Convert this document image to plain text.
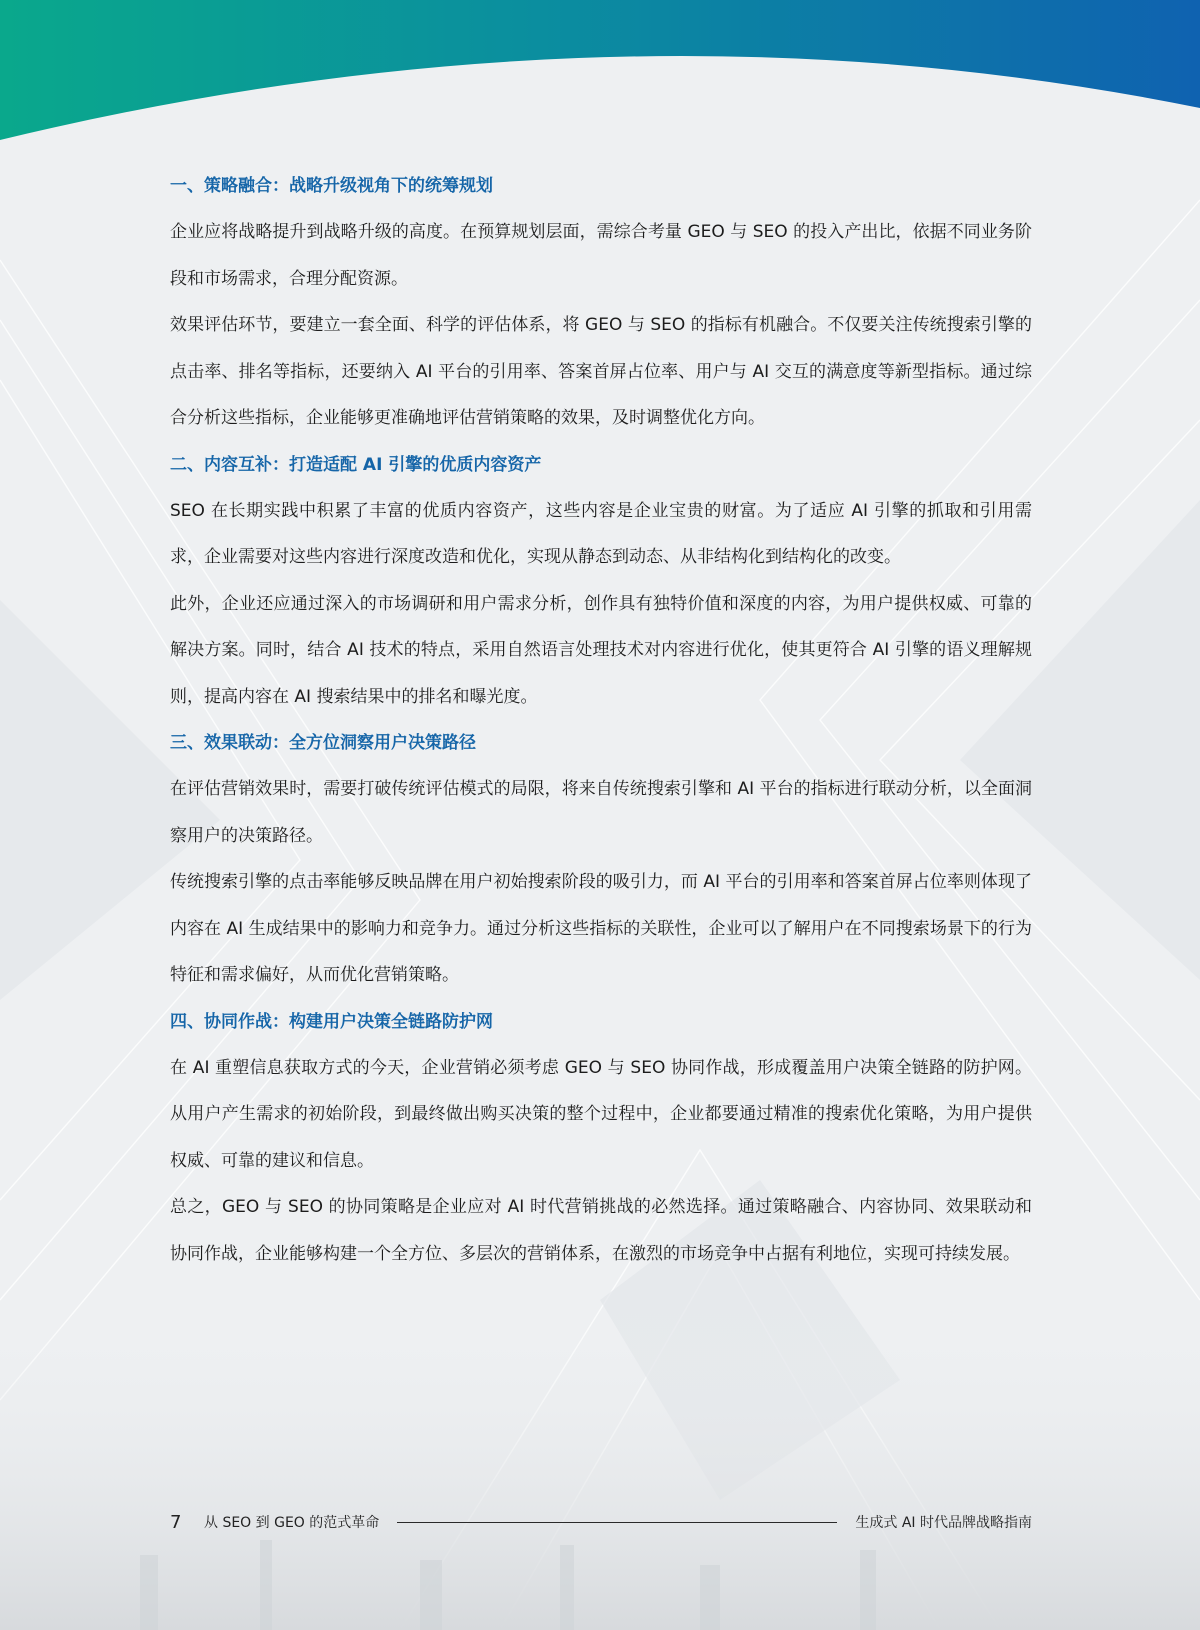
一、策略融合：战略升级视角下的统筹规划

企业应将战略提升到战略升级的高度。在预算规划层面，需综合考量 GEO 与 SEO 的投入产出比，依据不同业务阶段和市场需求，合理分配资源。

效果评估环节，要建立一套全面、科学的评估体系，将 GEO 与 SEO 的指标有机融合。不仅要关注传统搜索引擎的点击率、排名等指标，还要纳入 AI 平台的引用率、答案首屏占位率、用户与 AI 交互的满意度等新型指标。通过综合分析这些指标，企业能够更准确地评估营销策略的效果，及时调整优化方向。

二、内容互补：打造适配 AI 引擎的优质内容资产

SEO 在长期实践中积累了丰富的优质内容资产，这些内容是企业宝贵的财富。为了适应 AI 引擎的抓取和引用需求，企业需要对这些内容进行深度改造和优化，实现从静态到动态、从非结构化到结构化的改变。

此外，企业还应通过深入的市场调研和用户需求分析，创作具有独特价值和深度的内容，为用户提供权威、可靠的解决方案。同时，结合 AI 技术的特点，采用自然语言处理技术对内容进行优化，使其更符合 AI 引擎的语义理解规则，提高内容在 AI 搜索结果中的排名和曝光度。

三、效果联动：全方位洞察用户决策路径

在评估营销效果时，需要打破传统评估模式的局限，将来自传统搜索引擎和 AI 平台的指标进行联动分析，以全面洞察用户的决策路径。

传统搜索引擎的点击率能够反映品牌在用户初始搜索阶段的吸引力，而 AI 平台的引用率和答案首屏占位率则体现了内容在 AI 生成结果中的影响力和竞争力。通过分析这些指标的关联性，企业可以了解用户在不同搜索场景下的行为特征和需求偏好，从而优化营销策略。

四、协同作战：构建用户决策全链路防护网

在 AI 重塑信息获取方式的今天，企业营销必须考虑 GEO 与 SEO 协同作战，形成覆盖用户决策全链路的防护网。从用户产生需求的初始阶段，到最终做出购买决策的整个过程中，企业都要通过精准的搜索优化策略，为用户提供权威、可靠的建议和信息。

总之，GEO 与 SEO 的协同策略是企业应对 AI 时代营销挑战的必然选择。通过策略融合、内容协同、效果联动和协同作战，企业能够构建一个全方位、多层次的营销体系，在激烈的市场竞争中占据有利地位，实现可持续发展。

7	从 SEO 到 GEO 的范式革命	生成式 AI 时代品牌战略指南
